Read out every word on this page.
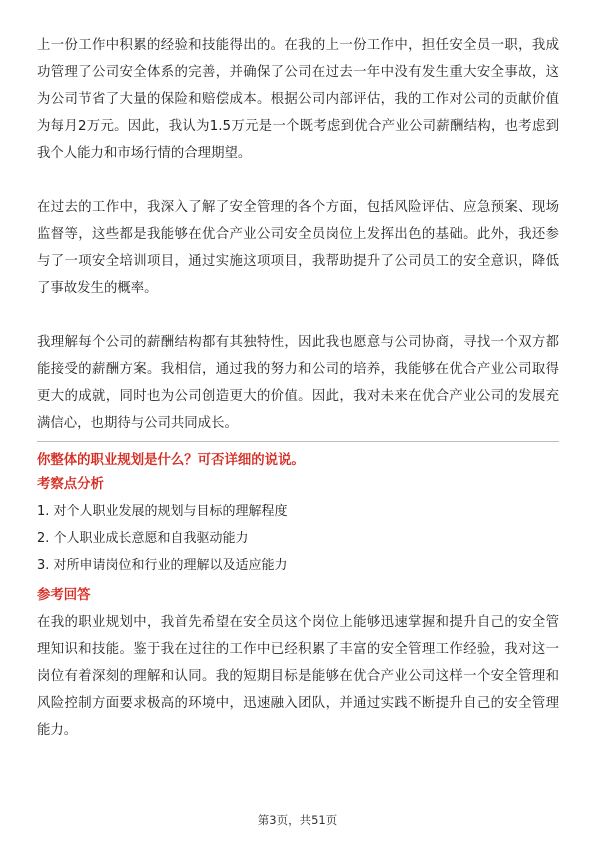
上一份工作中积累的经验和技能得出的。在我的上一份工作中，担任安全员一职，我成功管理了公司安全体系的完善，并确保了公司在过去一年中没有发生重大安全事故，这为公司节省了大量的保险和赔偿成本。根据公司内部评估，我的工作对公司的贡献价值为每月2万元。因此，我认为1.5万元是一个既考虑到优合产业公司薪酬结构，也考虑到我个人能力和市场行情的合理期望。

在过去的工作中，我深入了解了安全管理的各个方面，包括风险评估、应急预案、现场监督等，这些都是我能够在优合产业公司安全员岗位上发挥出色的基础。此外，我还参与了一项安全培训项目，通过实施这项项目，我帮助提升了公司员工的安全意识，降低了事故发生的概率。

我理解每个公司的薪酬结构都有其独特性，因此我也愿意与公司协商，寻找一个双方都能接受的薪酬方案。我相信，通过我的努力和公司的培养，我能够在优合产业公司取得更大的成就，同时也为公司创造更大的价值。因此，我对未来在优合产业公司的发展充满信心，也期待与公司共同成长。

你整体的职业规划是什么？可否详细的说说。

考察点分析

1. 对个人职业发展的规划与目标的理解程度
2. 个人职业成长意愿和自我驱动能力
3. 对所申请岗位和行业的理解以及适应能力

参考回答

在我的职业规划中，我首先希望在安全员这个岗位上能够迅速掌握和提升自己的安全管理知识和技能。鉴于我在过往的工作中已经积累了丰富的安全管理工作经验，我对这一岗位有着深刻的理解和认同。我的短期目标是能够在优合产业公司这样一个安全管理和风险控制方面要求极高的环境中，迅速融入团队，并通过实践不断提升自己的安全管理能力。

第3页，共51页
